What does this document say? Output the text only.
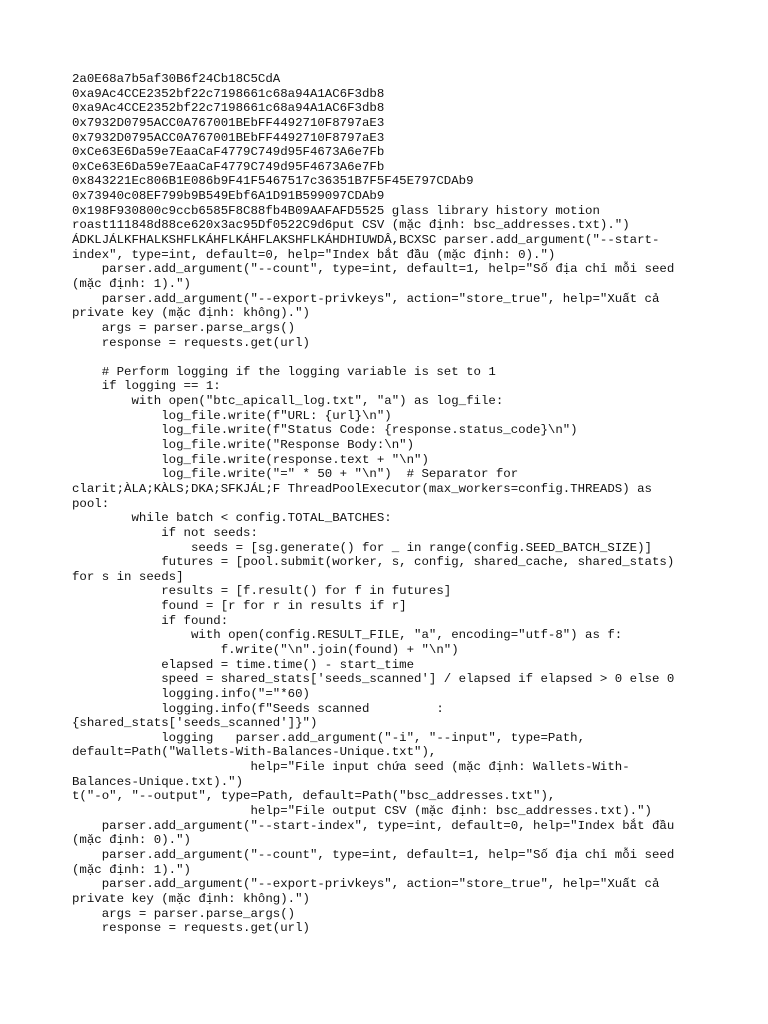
2a0E68a7b5af30B6f24Cb18C5CdA
0xa9Ac4CCE2352bf22c7198661c68a94A1AC6F3db8
0xa9Ac4CCE2352bf22c7198661c68a94A1AC6F3db8
0x7932D0795ACC0A767001BEbFF4492710F8797aE3
0x7932D0795ACC0A767001BEbFF4492710F8797aE3
0xCe63E6Da59e7EaaCaF4779C749d95F4673A6e7Fb
0xCe63E6Da59e7EaaCaF4779C749d95F4673A6e7Fb
0x843221Ec806B1E086b9F41F5467517c36351B7F5F45E797CDAb9
0x73940c08EF799b9B549Ebf6A1D91B599097CDAb9
0x198F930800c9ccb6585F8C88fb4B09AAFAFD5525 glass library history motion
roast111848d88ce620x3ac95Df0522C9d6put CSV (mặc định: bsc_addresses.txt).")
ÁDKLJÁLKFHALKSHFLKÁHFLKÁHFLAKSHFLKÁHDHIUWDÂ,BCXSC parser.add_argument("--start-
index", type=int, default=0, help="Index bắt đầu (mặc định: 0).")
parser.add_argument("--count", type=int, default=1, help="Số địa chỉ mỗi seed
(mặc định: 1).")
parser.add_argument("--export-privkeys", action="store_true", help="Xuất cả
private key (mặc định: không).")
args = parser.parse_args()
response = requests.get(url)
# Perform logging if the logging variable is set to 1
if logging == 1:
with open("btc_apicall_log.txt", "a") as log_file:
log_file.write(f"URL: {url}\n")
log_file.write(f"Status Code: {response.status_code}\n")
log_file.write("Response Body:\n")
log_file.write(response.text + "\n")
log_file.write("=" * 50 + "\n")  # Separator for
clarit;ÀLA;KÀLS;DKA;SFKJÁL;F ThreadPoolExecutor(max_workers=config.THREADS) as
pool:
while batch < config.TOTAL_BATCHES:
if not seeds:
seeds = [sg.generate() for _ in range(config.SEED_BATCH_SIZE)]
futures = [pool.submit(worker, s, config, shared_cache, shared_stats)
for s in seeds]
results = [f.result() for f in futures]
found = [r for r in results if r]
if found:
with open(config.RESULT_FILE, "a", encoding="utf-8") as f:
f.write("\n".join(found) + "\n")
elapsed = time.time() - start_time
speed = shared_stats['seeds_scanned'] / elapsed if elapsed > 0 else 0
logging.info("="*60)
logging.info(f"Seeds scanned         :
{shared_stats['seeds_scanned']}")
logging   parser.add_argument("-i", "--input", type=Path,
default=Path("Wallets-With-Balances-Unique.txt"),
help="File input chứa seed (mặc định: Wallets-With-
Balances-Unique.txt).")
t("-o", "--output", type=Path, default=Path("bsc_addresses.txt"),
help="File output CSV (mặc định: bsc_addresses.txt).")
parser.add_argument("--start-index", type=int, default=0, help="Index bắt đầu
(mặc định: 0).")
parser.add_argument("--count", type=int, default=1, help="Số địa chỉ mỗi seed
(mặc định: 1).")
parser.add_argument("--export-privkeys", action="store_true", help="Xuất cả
private key (mặc định: không).")
args = parser.parse_args()
response = requests.get(url)
